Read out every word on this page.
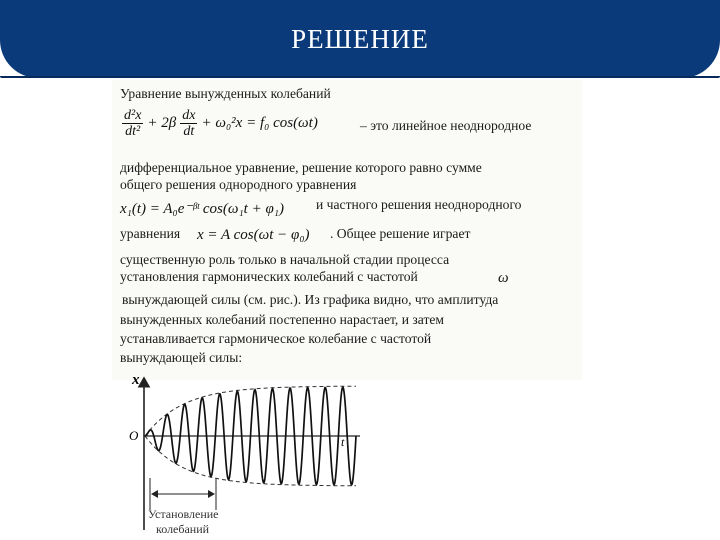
РЕШЕНИЕ
Уравнение вынужденных колебаний
$\frac{\text{d²x}}{\text{dt²}} + 2\beta \frac{dx}{dt} + \omega_0^2x = f_0$ cos(ωt)	– это линейное неоднородное
дифференциальное уравнение, решение которого равно сумме
общего решения однородного уравнения
x₁(t) = A₀e⁻ᵝᵗ cos(ω₁t + φ₁) и частного решения неоднородного
уравнения x = A cos(ωt − φ₀) . Общее решение играет
существенную роль только в начальной стадии процесса
установления гармонических колебаний с частотой	ω
вынуждающей силы (см. рис.). Из графика видно, что амплитуда
вынужденных колебаний постепенно нарастает, и затем
устанавливается гармоническое колебание с частотой
вынуждающей силы:
x
t
O
Установление
колебаний
